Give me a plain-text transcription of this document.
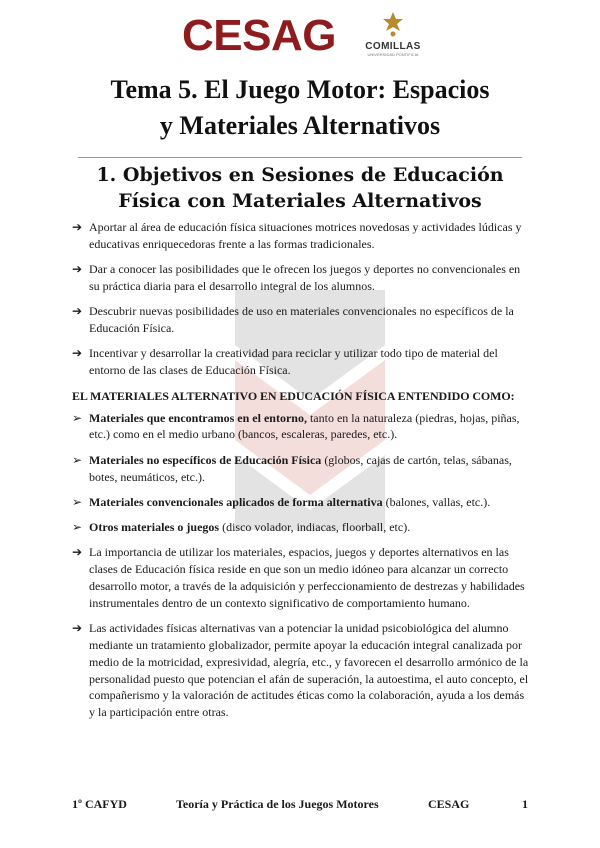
CESAG	COMILLAS
UNIVERSIDAD PONTIFICIA
Tema 5. El Juego Motor: Espacios
y Materiales Alternativos
1. Objetivos en Sesiones de Educación
Física con Materiales Alternativos
➔ Aportar al área de educación física situaciones motrices novedosas y actividades lúdicas y educativas enriquecedoras frente a las formas tradicionales.
➔ Dar a conocer las posibilidades que le ofrecen los juegos y deportes no convencionales en su práctica diaria para el desarrollo integral de los alumnos.
➔ Descubrir nuevas posibilidades de uso en materiales convencionales no específicos de la Educación Física.
➔ Incentivar y desarrollar la creatividad para reciclar y utilizar todo tipo de material del entorno de las clases de Educación Física.
EL MATERIALES ALTERNATIVO EN EDUCACIÓN FÍSICA ENTENDIDO COMO:
➢ Materiales que encontramos en el entorno, tanto en la naturaleza (piedras, hojas, piñas, etc.) como en el medio urbano (bancos, escaleras, paredes, etc.).
➢ Materiales no específicos de Educación Física (globos, cajas de cartón, telas, sábanas, botes, neumáticos, etc.).
➢ Materiales convencionales aplicados de forma alternativa (balones, vallas, etc.).
➢ Otros materiales o juegos (disco volador, indiacas, floorball, etc).
➔ La importancia de utilizar los materiales, espacios, juegos y deportes alternativos en las clases de Educación física reside en que son un medio idóneo para alcanzar un correcto desarrollo motor, a través de la adquisición y perfeccionamiento de destrezas y habilidades instrumentales dentro de un contexto significativo de comportamiento humano.
➔ Las actividades físicas alternativas van a potenciar la unidad psicobiológica del alumno mediante un tratamiento globalizador, permite apoyar la educación integral canalizada por medio de la motricidad, expresividad, alegría, etc., y favorecen el desarrollo armónico de la personalidad puesto que potencian el afán de superación, la autoestima, el auto concepto, el compañerismo y la valoración de actitudes éticas como la colaboración, ayuda a los demás y la participación entre otras.
1º CAFYD	Teoría y Práctica de los Juegos Motores	CESAG	1
